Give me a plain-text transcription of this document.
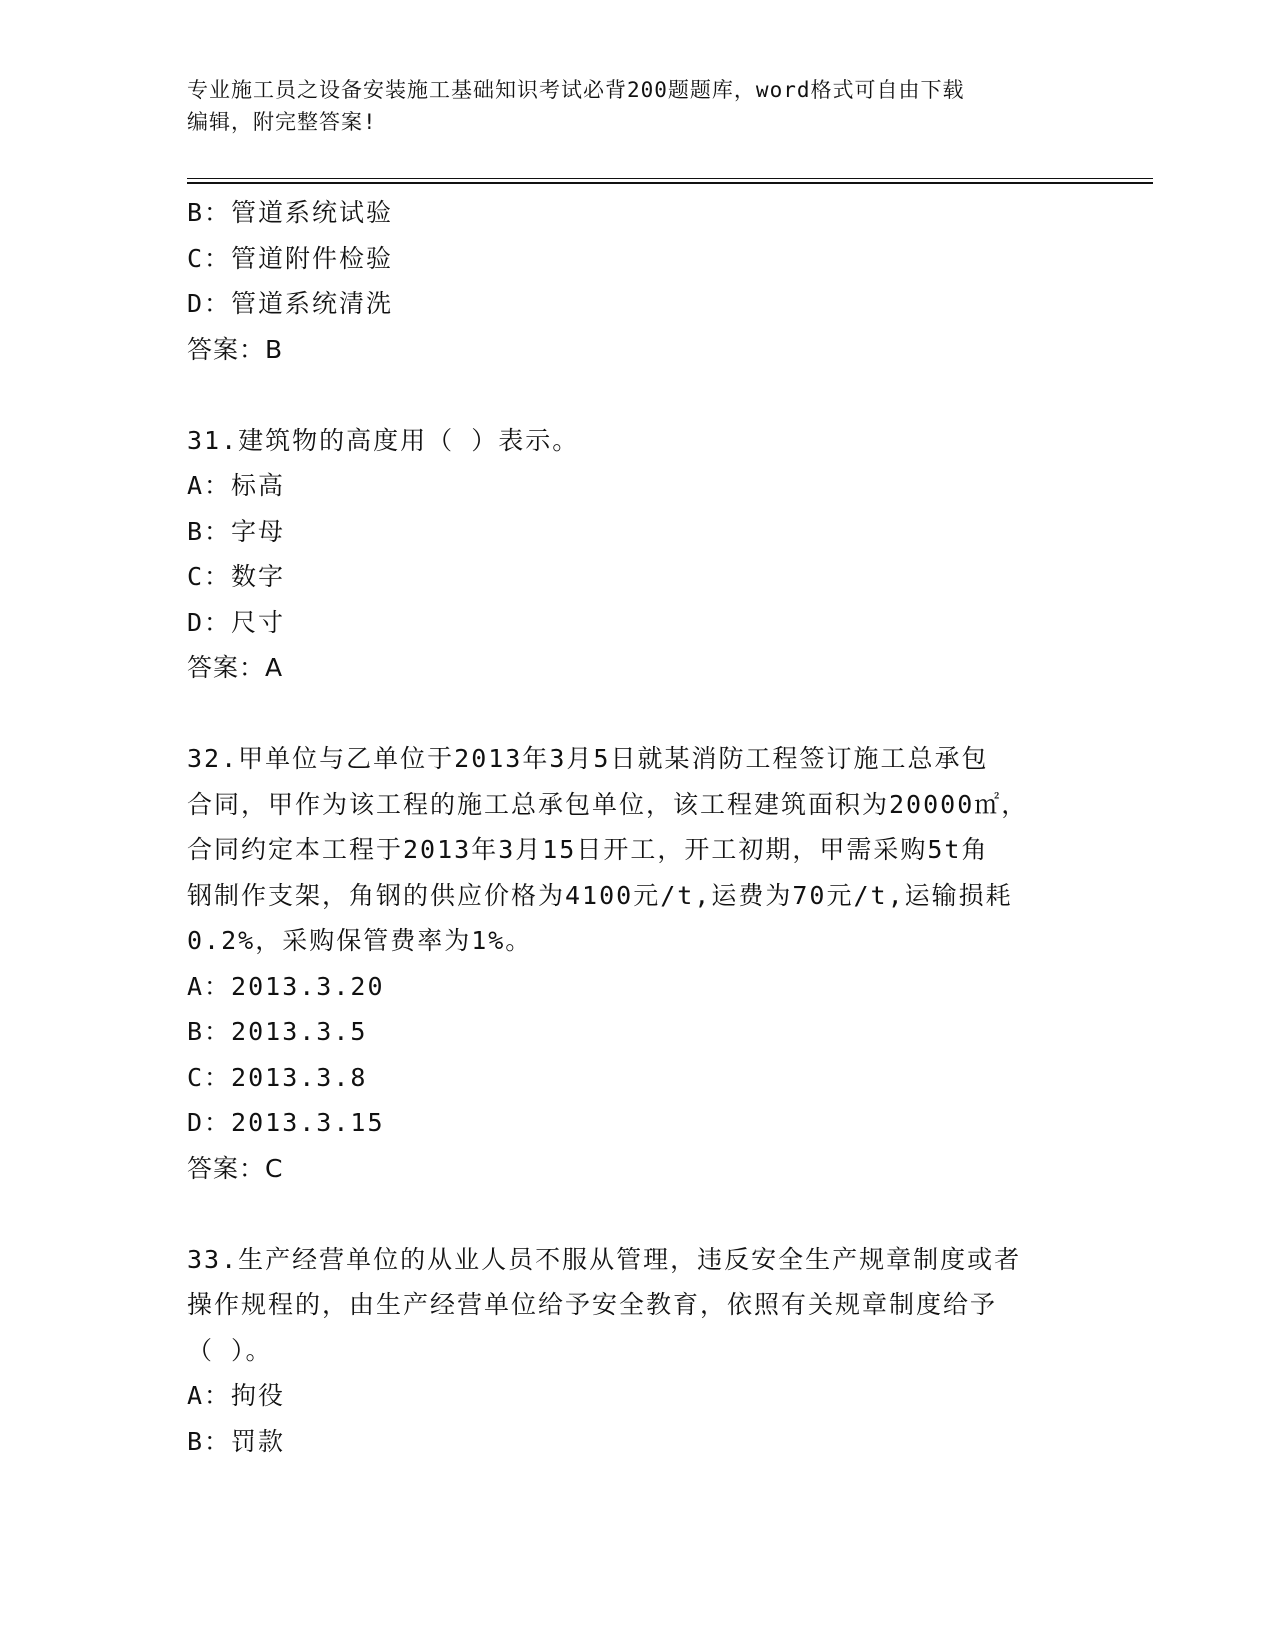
专业施工员之设备安装施工基础知识考试必背200题题库，word格式可自由下载
编辑，附完整答案!
B：管道系统试验
C：管道附件检验
D：管道系统清洗
答案：B
31.建筑物的高度用（ ）表示。
A：标高
B：字母
C：数字
D：尺寸
答案：A
32.甲单位与乙单位于2013年3月5日就某消防工程签订施工总承包
合同，甲作为该工程的施工总承包单位，该工程建筑面积为20000㎡，
合同约定本工程于2013年3月15日开工，开工初期，甲需采购5t角
钢制作支架，角钢的供应价格为4100元/t,运费为70元/t,运输损耗
0.2%，采购保管费率为1%。
A：2013.3.20
B：2013.3.5
C：2013.3.8
D：2013.3.15
答案：C
33.生产经营单位的从业人员不服从管理，违反安全生产规章制度或者
操作规程的，由生产经营单位给予安全教育，依照有关规章制度给予
（ ）。
A：拘役
B：罚款
